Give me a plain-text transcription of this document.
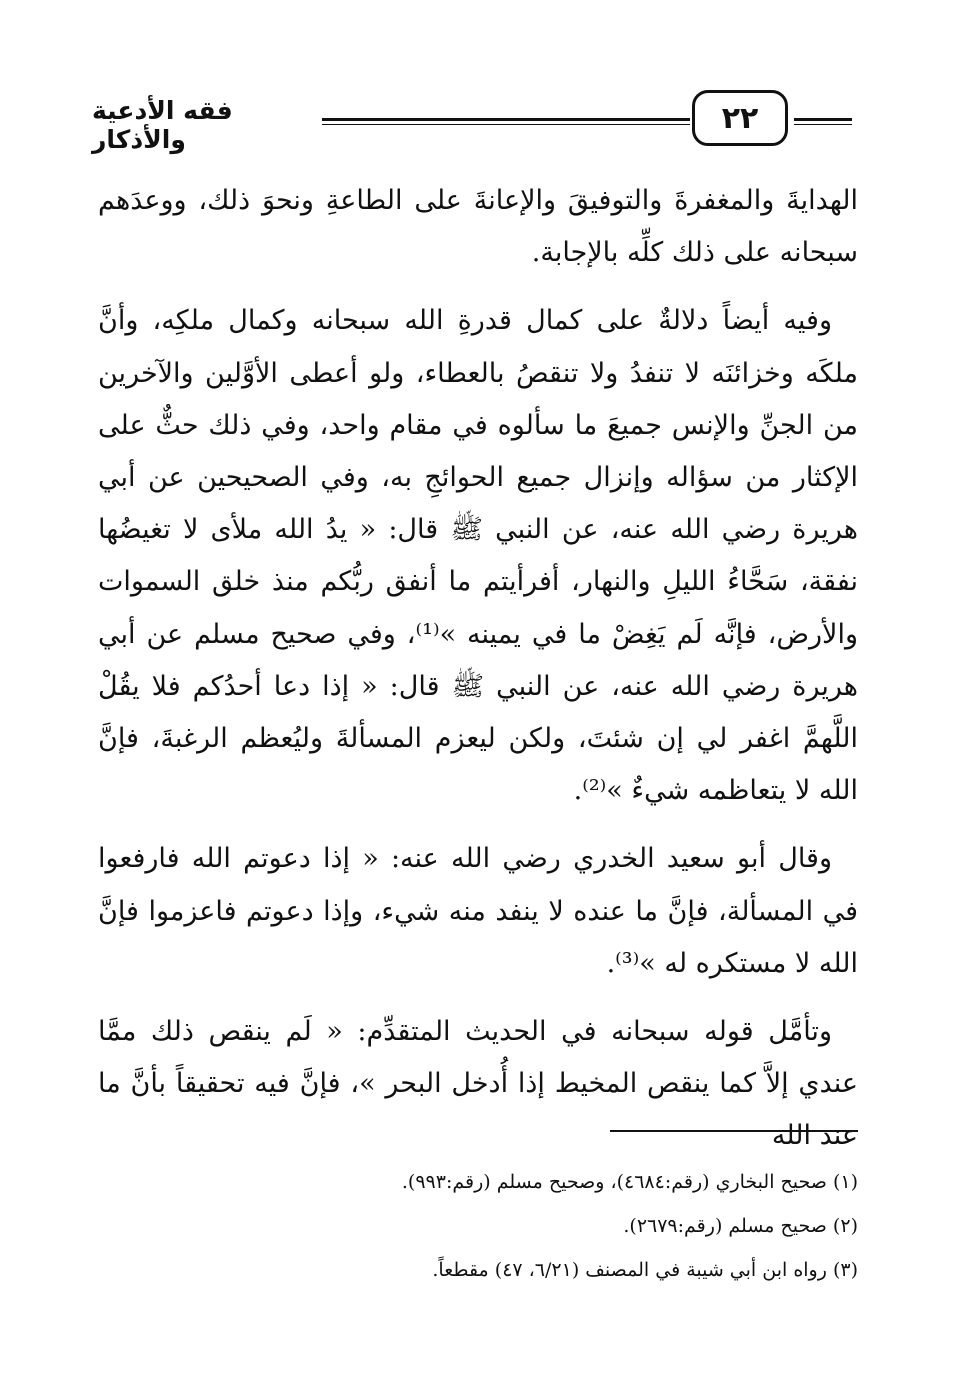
فقه الأدعية والأذكار
٢٢

الهدايةَ والمغفرةَ والتوفيقَ والإعانةَ على الطاعةِ ونحوَ ذلك، ووعدَهم سبحانه على ذلك كلِّه بالإجابة.

وفيه أيضاً دلالةٌ على كمال قدرةِ الله سبحانه وكمال ملكِه، وأنَّ ملكَه وخزائنَه لا تنفدُ ولا تنقصُ بالعطاء، ولو أعطى الأوَّلين والآخرين من الجنِّ والإنس جميعَ ما سألوه في مقام واحد، وفي ذلك حثٌّ على الإكثار من سؤاله وإنزال جميع الحوائجِ به، وفي الصحيحين عن أبي هريرة رضي الله عنه، عن النبي ﷺ قال: « يدُ الله ملأى لا تغيضُها نفقة، سَحَّاءُ الليلِ والنهار، أفرأيتم ما أنفق ربُّكم منذ خلق السموات والأرض، فإنَّه لَم يَغِضْ ما في يمينه »⁽¹⁾، وفي صحيح مسلم عن أبي هريرة رضي الله عنه، عن النبي ﷺ قال: « إذا دعا أحدُكم فلا يقُلْ اللَّهمَّ اغفر لي إن شئتَ، ولكن ليعزم المسألةَ وليُعظم الرغبةَ، فإنَّ الله لا يتعاظمه شيءٌ »⁽²⁾.

وقال أبو سعيد الخدري رضي الله عنه: « إذا دعوتم الله فارفعوا في المسألة، فإنَّ ما عنده لا ينفد منه شيء، وإذا دعوتم فاعزموا فإنَّ الله لا مستكره له »⁽³⁾.

وتأمَّل قوله سبحانه في الحديث المتقدِّم: « لَم ينقص ذلك ممَّا عندي إلاَّ كما ينقص المخيط إذا أُدخل البحر »، فإنَّ فيه تحقيقاً بأنَّ ما عند الله

(١) صحيح البخاري (رقم:٤٦٨٤)، وصحيح مسلم (رقم:٩٩٣).
(٢) صحيح مسلم (رقم:٢٦٧٩).
(٣) رواه ابن أبي شيبة في المصنف (٦/٢١، ٤٧) مقطعاً.
